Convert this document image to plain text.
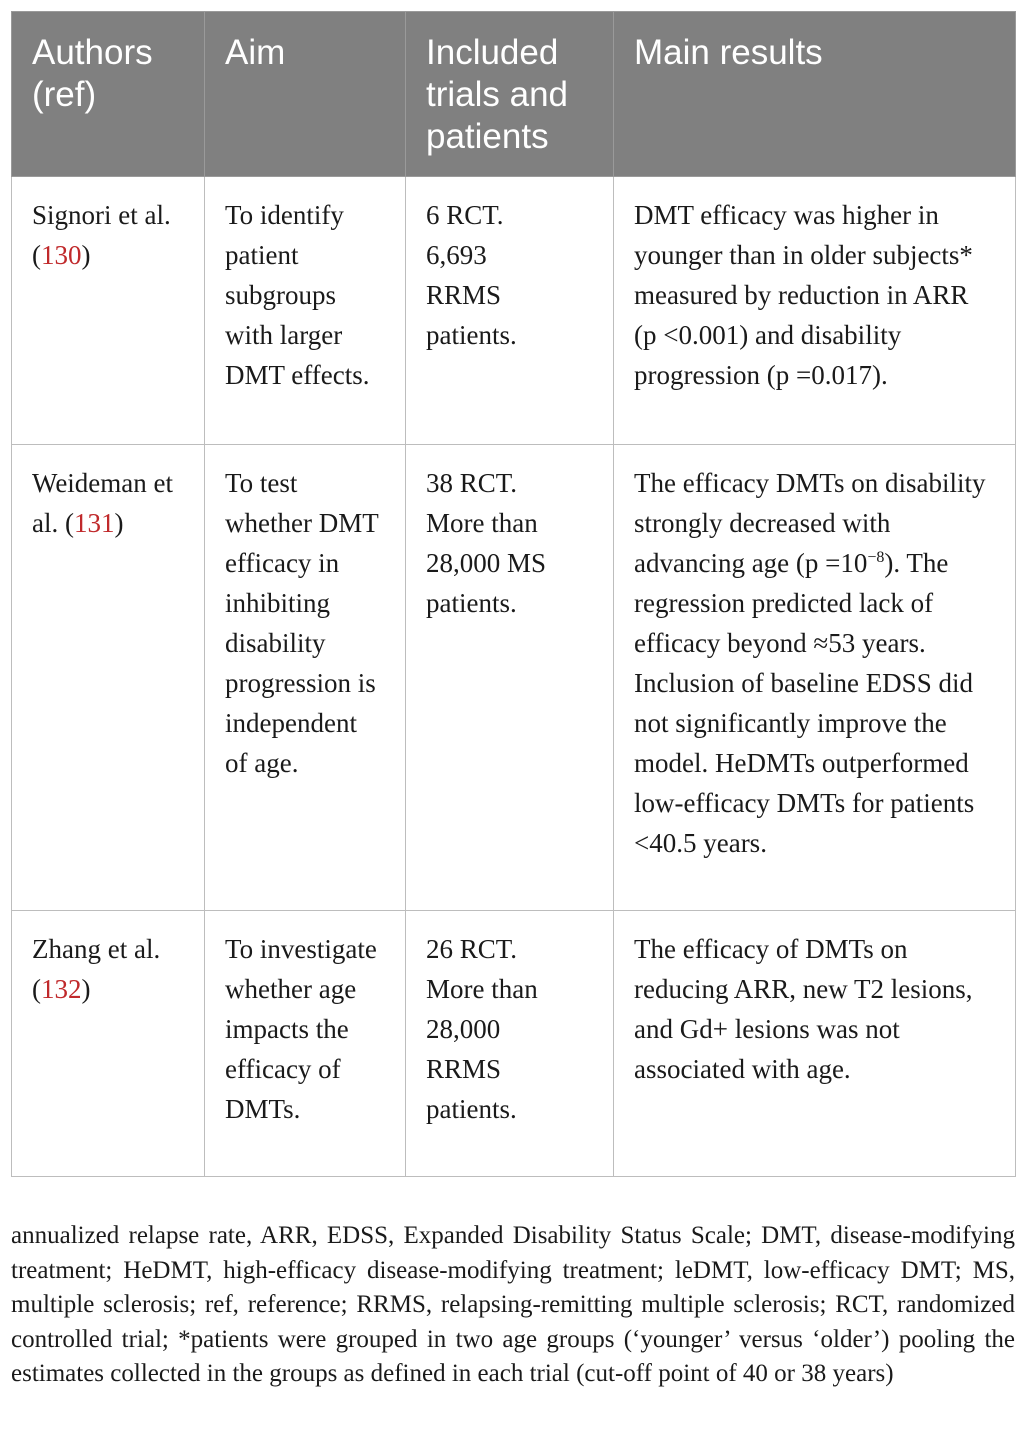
Authors (ref)	Aim	Included trials and patients	Main results
Signori et al. (130)	To identify patient subgroups with larger DMT effects.	6 RCT. 6,693 RRMS patients.	DMT efficacy was higher in younger than in older subjects* measured by reduction in ARR (p <0.001) and disability progression (p =0.017).
Weideman et al. (131)	To test whether DMT efficacy in inhibiting disability progression is independent of age.	38 RCT. More than 28,000 MS patients.	The efficacy DMTs on disability strongly decreased with advancing age $(p =10^{-8})$. The regression predicted lack of efficacy beyond ≈53 years. Inclusion of baseline EDSS did not significantly improve the model. HeDMTs outperformed low-efficacy DMTs for patients <40.5 years.
Zhang et al. (132)	To investigate whether age impacts the efficacy of DMTs.	26 RCT. More than 28,000 RRMS patients.	The efficacy of DMTs on reducing ARR, new T2 lesions, and Gd+ lesions was not associated with age.
annualized relapse rate, ARR, EDSS, Expanded Disability Status Scale; DMT, disease-modifying treatment; HeDMT, high-efficacy disease-modifying treatment; leDMT, low-efficacy DMT; MS, multiple sclerosis; ref, reference; RRMS, relapsing-remitting multiple sclerosis; RCT, randomized controlled trial; *patients were grouped in two age groups (‘younger’ versus ‘older’) pooling the estimates collected in the groups as defined in each trial (cut-off point of 40 or 38 years)
